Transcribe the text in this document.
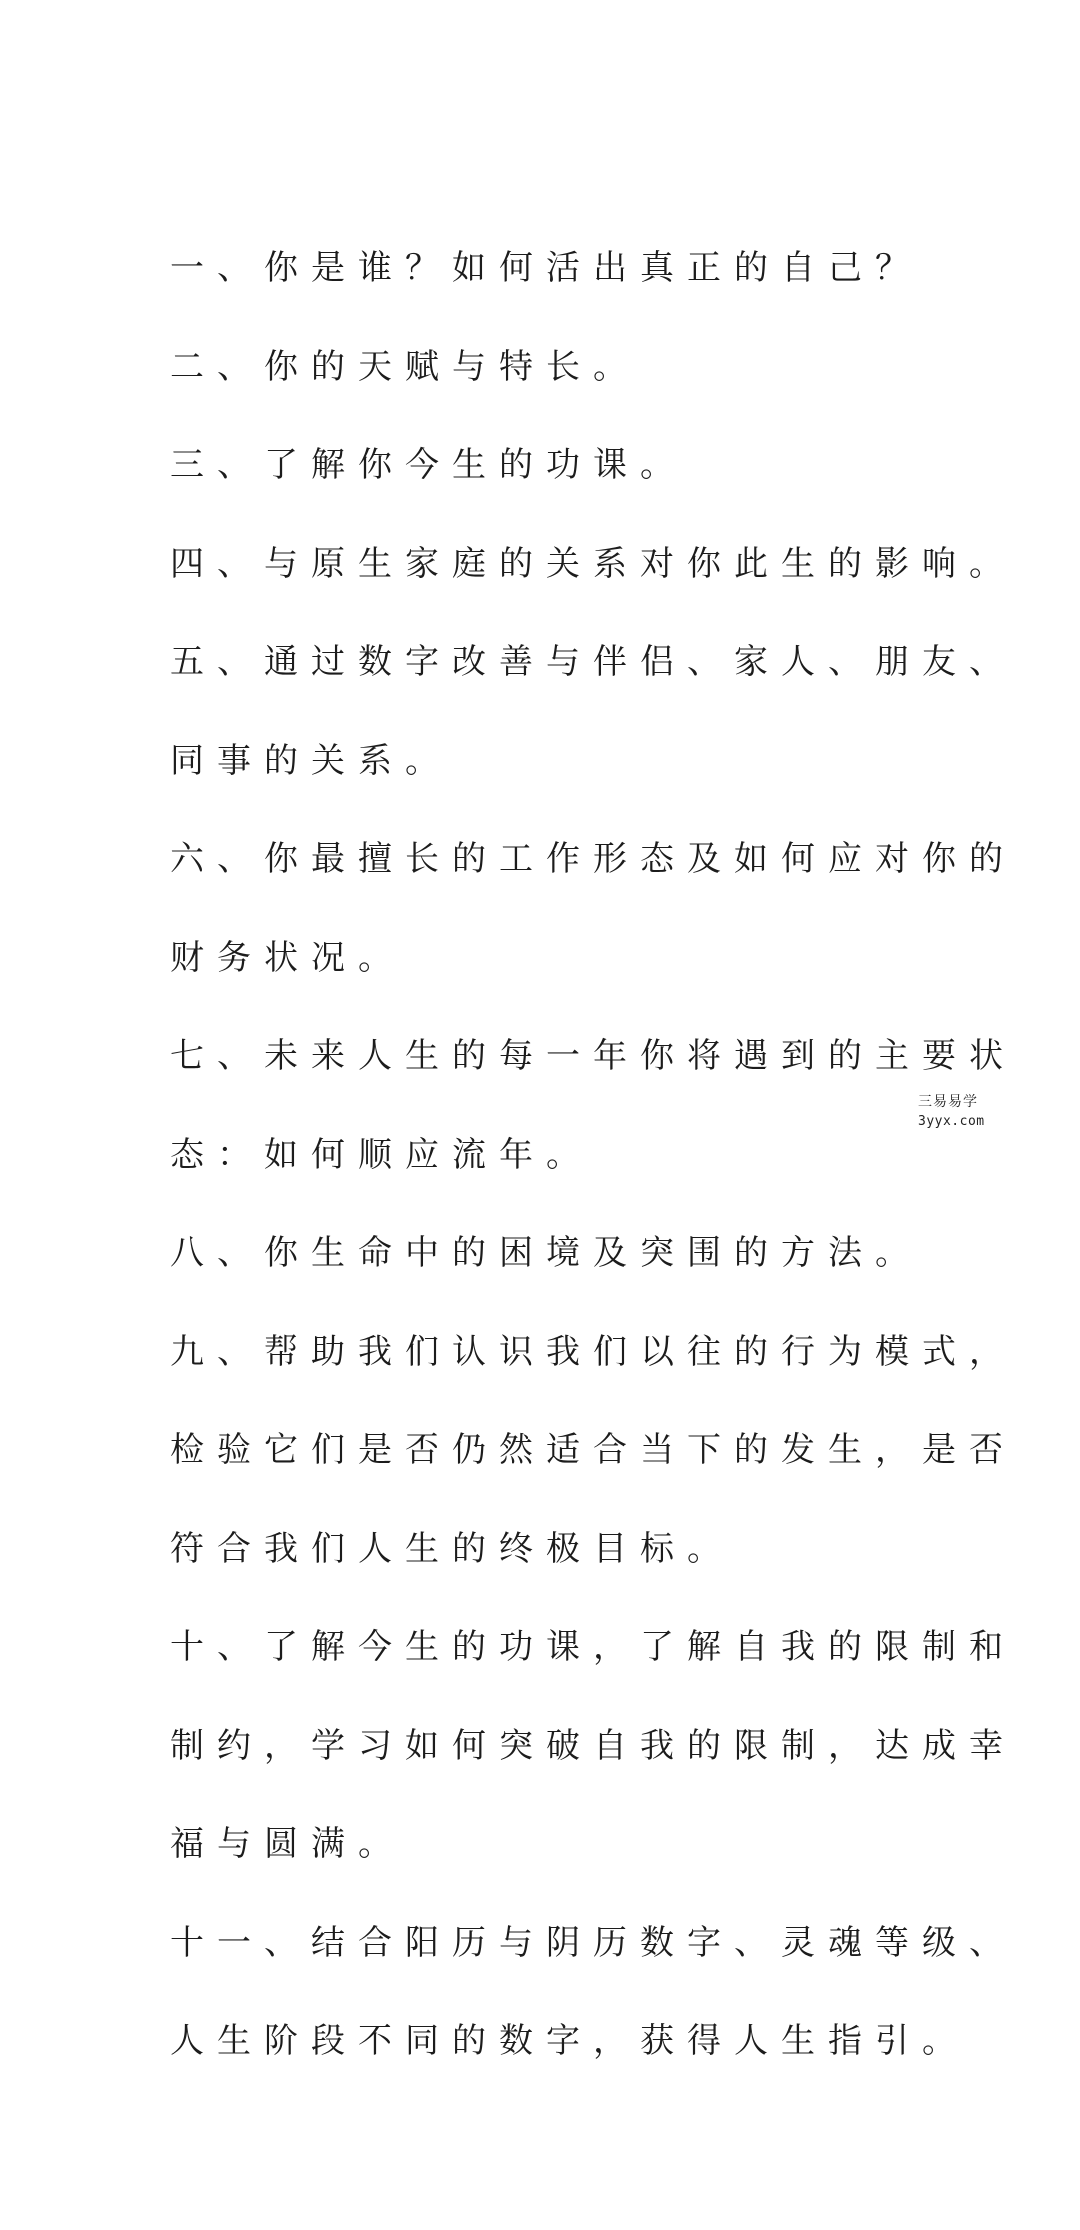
一、你是谁？如何活出真正的自己？
二、你的天赋与特长。
三、了解你今生的功课。
四、与原生家庭的关系对你此生的影响。
五、通过数字改善与伴侣、家人、朋友、
同事的关系。
六、你最擅长的工作形态及如何应对你的
财务状况。
七、未来人生的每一年你将遇到的主要状
态：如何顺应流年。
八、你生命中的困境及突围的方法。
九、帮助我们认识我们以往的行为模式，
检验它们是否仍然适合当下的发生，是否
符合我们人生的终极目标。
十、了解今生的功课，了解自我的限制和
制约，学习如何突破自我的限制，达成幸
福与圆满。
十一、结合阳历与阴历数字、灵魂等级、
人生阶段不同的数字，获得人生指引。
三易易学
3yyx.com
